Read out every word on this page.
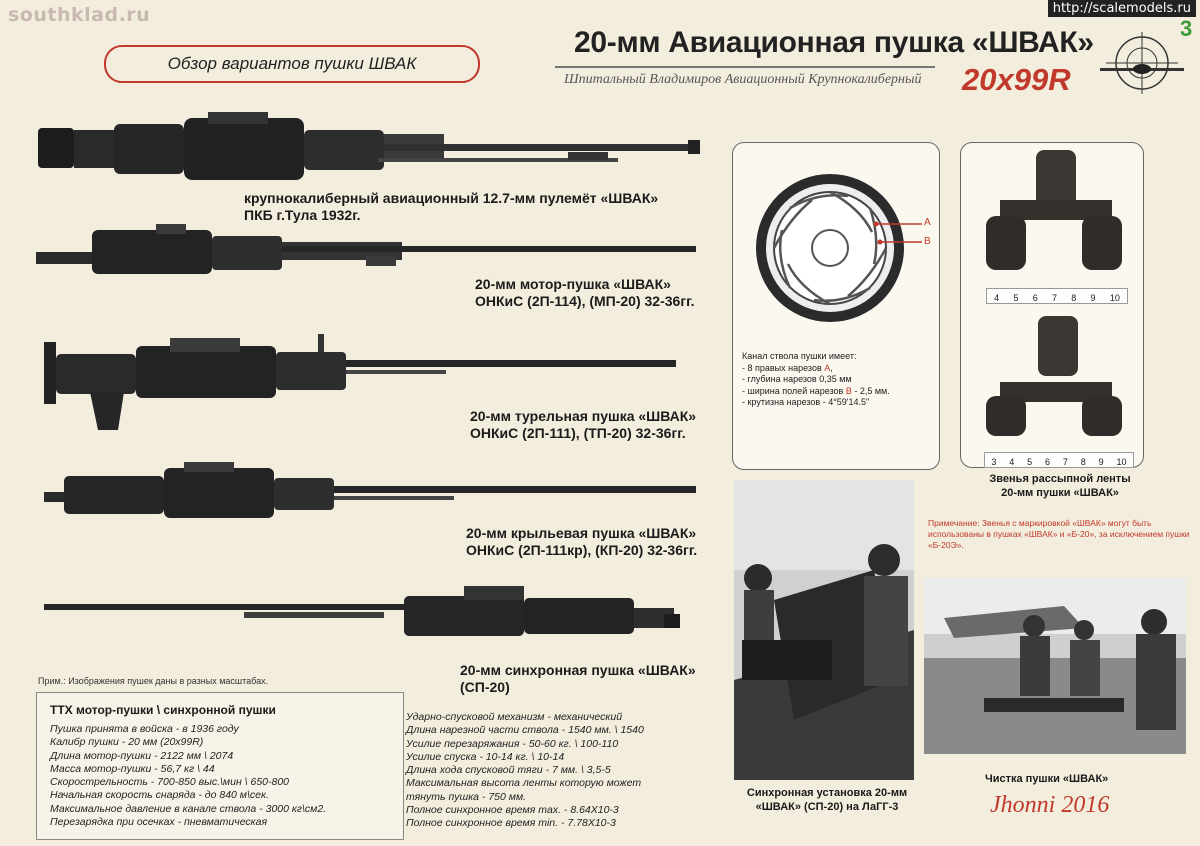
southklad.ru	http://scalemodels.ru
3
20-мм Авиационная пушка «ШВАК»
Шпитальный Владимиров Авиационный Крупнокалиберный 20x99R
Обзор вариантов пушки ШВАК
крупнокалиберный авиационный 12.7-мм пулемёт «ШВАК»
ПКБ г.Тула 1932г.
20-мм мотор-пушка «ШВАК»
ОНКиС (2П-114), (МП-20) 32-36гг.
20-мм турельная пушка «ШВАК»
ОНКиС (2П-111), (ТП-20) 32-36гг.
20-мм крыльевая пушка «ШВАК»
ОНКиС (2П-111кр), (КП-20) 32-36гг.
20-мм синхронная пушка «ШВАК»
(СП-20)
Прим.: Изображения пушек даны в разных масштабах.
ТТХ мотор-пушки \ синхронной пушки
Пушка принята в войска - в 1936 году
Калибр пушки - 20 мм (20x99R)
Длина мотор-пушки - 2122 мм \ 2074
Масса мотор-пушки - 56,7 кг \ 44
Скорострельность - 700-850 выс.\мин \ 650-800
Начальная скорость снаряда - до 840 м\сек.
Максимальное давление в канале ствола - 3000 кг\см2.
Перезарядка при осечках - пневматическая
Ударно-спусковой механизм - механический
Длина нарезной части ствола - 1540 мм. \ 1540
Усилие перезаряжания - 50-60 кг. \ 100-110
Усилие спуска - 10-14 кг. \ 10-14
Длина хода спусковой тяги - 7 мм. \ 3,5-5
Максимальная высота ленты которую может
тянуть пушка - 750 мм.
Полное синхронное время max. - 8.64X10-3
Полное синхронное время min. - 7.78X10-3
A
B
Канал ствола пушки имеет:
- 8 правых нарезов А,
- глубина нарезов 0,35 мм
- ширина полей нарезов В - 2,5 мм.
- крутизна нарезов - 4°59'14.5"
4 5 6 7 8 9 10
3 4 5 6 7 8 9 10
Звенья рассыпной ленты
20-мм пушки «ШВАК»
Примечание: Звенья с маркировкой «ШВАК» могут быть использованы в пушках «ШВАК» и «Б-20», за исключением пушки «Б-20Э».
Синхронная установка 20-мм «ШВАК» (СП-20) на ЛаГГ-3
Чистка пушки «ШВАК»
Jhonni 2016
